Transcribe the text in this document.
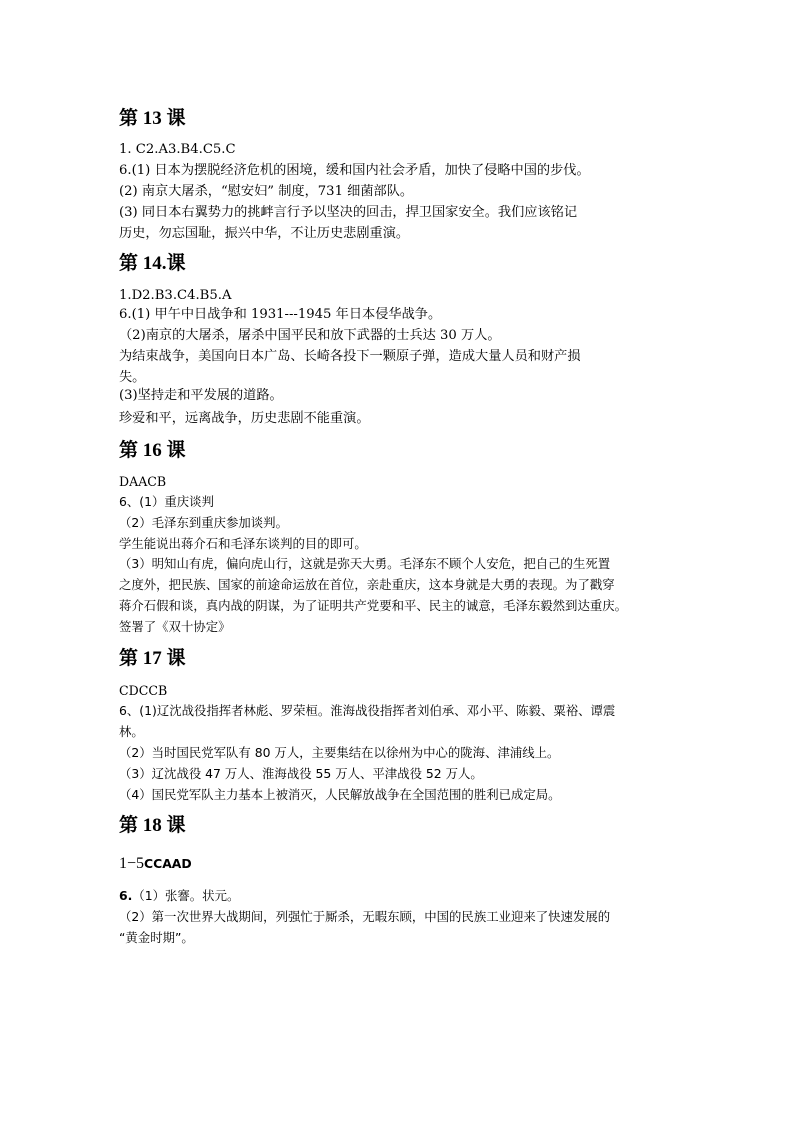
第 13 课
1. C2.A3.B4.C5.C
6.(1) 日本为摆脱经济危机的困境，缓和国内社会矛盾，加快了侵略中国的步伐。
(2) 南京大屠杀，“慰安妇” 制度，731 细菌部队。
(3) 同日本右翼势力的挑衅言行予以坚决的回击，捍卫国家安全。我们应该铭记
历史，勿忘国耻，振兴中华，不让历史悲剧重演。
第 14.课
1.D2.B3.C4.B5.A
6.(1) 甲午中日战争和 1931---1945 年日本侵华战争。
（2)南京的大屠杀，屠杀中国平民和放下武器的士兵达 30 万人。
为结束战争，美国向日本广岛、长崎各投下一颗原子弹，造成大量人员和财产损
失。
(3)坚持走和平发展的道路。
珍爱和平，远离战争，历史悲剧不能重演。
第 16 课
DAACB
6、(1）重庆谈判
（2）毛泽东到重庆参加谈判。
学生能说出蒋介石和毛泽东谈判的目的即可。
（3）明知山有虎，偏向虎山行，这就是弥天大勇。毛泽东不顾个人安危，把自己的生死置
之度外，把民族、国家的前途命运放在首位，亲赴重庆，这本身就是大勇的表现。为了戳穿
蒋介石假和谈，真内战的阴谋，为了证明共产党要和平、民主的诚意，毛泽东毅然到达重庆。
签署了《双十协定》
第 17 课
CDCCB
6、(1)辽沈战役指挥者林彪、罗荣桓。淮海战役指挥者刘伯承、邓小平、陈毅、粟裕、谭震
林。
（2）当时国民党军队有 80 万人，主要集结在以徐州为中心的陇海、津浦线上。
（3）辽沈战役 47 万人、淮海战役 55 万人、平津战役 52 万人。
（4）国民党军队主力基本上被消灭，人民解放战争在全国范围的胜利已成定局。
第 18 课
1−5CCAAD
6.（1）张謇。状元。
（2）第一次世界大战期间，列强忙于厮杀，无暇东顾，中国的民族工业迎来了快速发展的
“黄金时期”。
